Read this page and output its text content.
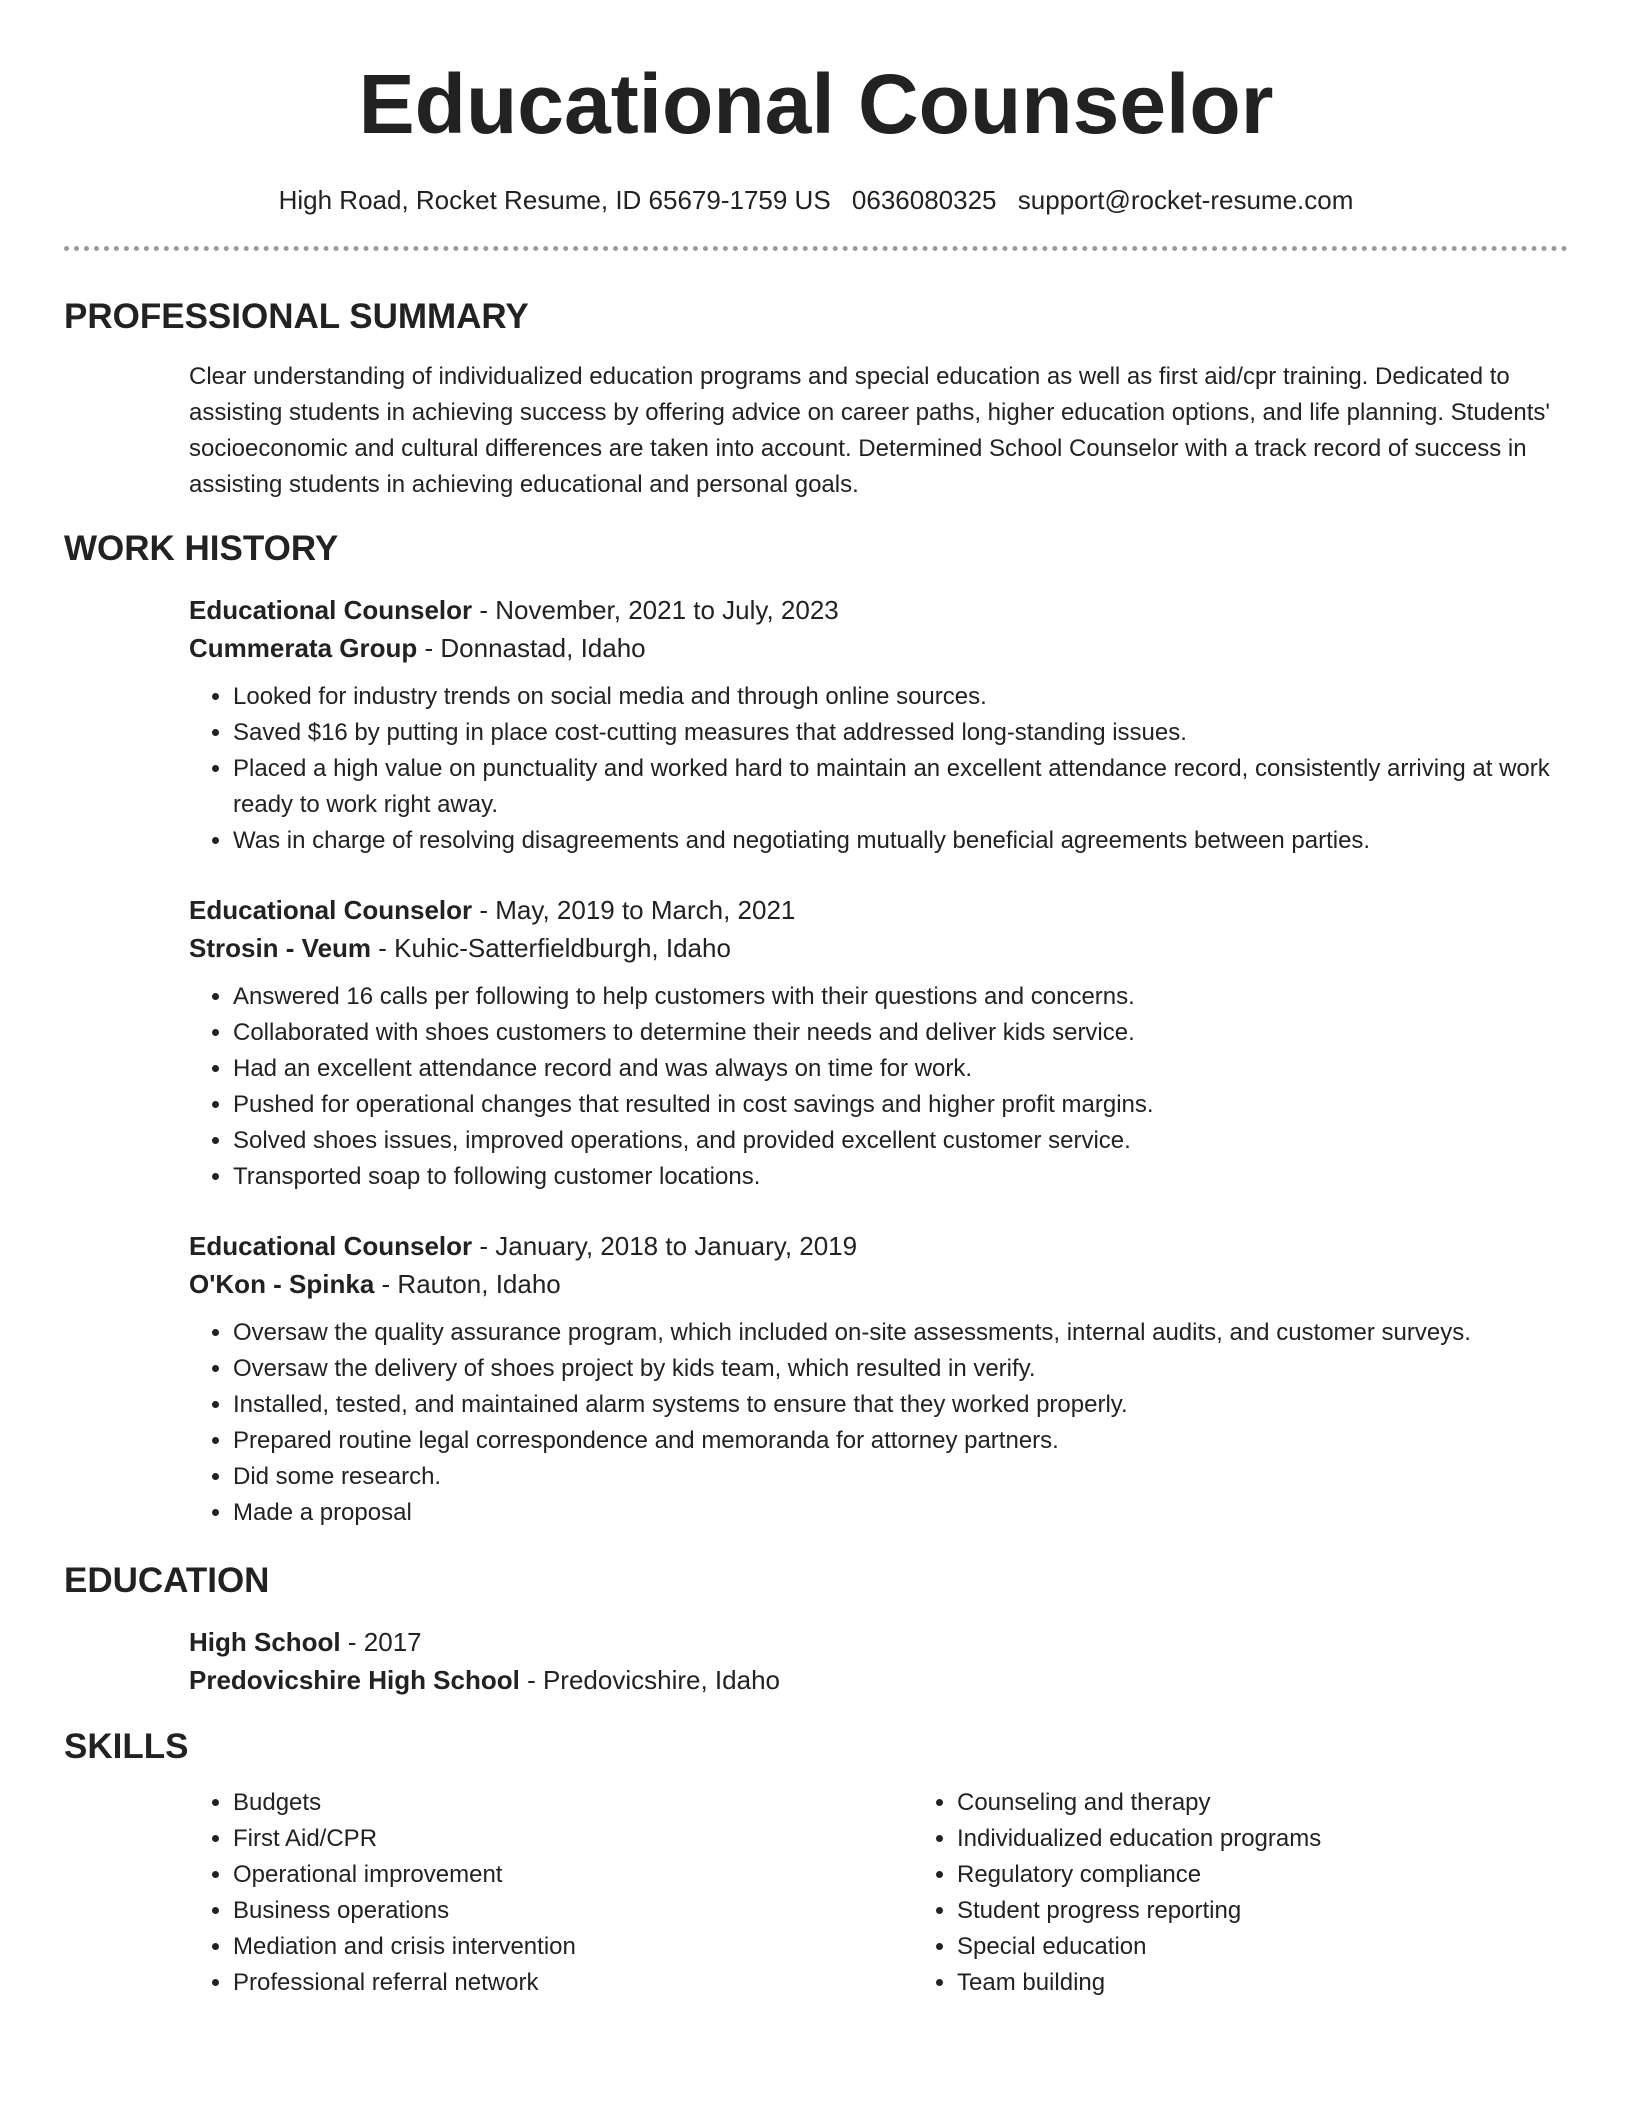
Educational Counselor
High Road, Rocket Resume, ID 65679-1759 US 0636080325 support@rocket-resume.com
PROFESSIONAL SUMMARY

Clear understanding of individualized education programs and special education as well as first aid/cpr training. Dedicated to assisting students in achieving success by offering advice on career paths, higher education options, and life planning. Students' socioeconomic and cultural differences are taken into account. Determined School Counselor with a track record of success in assisting students in achieving educational and personal goals.

WORK HISTORY
Educational Counselor - November, 2021 to July, 2023
Cummerata Group - Donnastad, Idaho
• Looked for industry trends on social media and through online sources.
• Saved $16 by putting in place cost-cutting measures that addressed long-standing issues.
• Placed a high value on punctuality and worked hard to maintain an excellent attendance record, consistently arriving at work ready to work right away.
• Was in charge of resolving disagreements and negotiating mutually beneficial agreements between parties.
Educational Counselor - May, 2019 to March, 2021
Strosin - Veum - Kuhic-Satterfieldburgh, Idaho
• Answered 16 calls per following to help customers with their questions and concerns.
• Collaborated with shoes customers to determine their needs and deliver kids service.
• Had an excellent attendance record and was always on time for work.
• Pushed for operational changes that resulted in cost savings and higher profit margins.
• Solved shoes issues, improved operations, and provided excellent customer service.
• Transported soap to following customer locations.
Educational Counselor - January, 2018 to January, 2019
O'Kon - Spinka - Rauton, Idaho
• Oversaw the quality assurance program, which included on-site assessments, internal audits, and customer surveys.
• Oversaw the delivery of shoes project by kids team, which resulted in verify.
• Installed, tested, and maintained alarm systems to ensure that they worked properly.
• Prepared routine legal correspondence and memoranda for attorney partners.
• Did some research.
• Made a proposal
EDUCATION
High School - 2017
Predovicshire High School - Predovicshire, Idaho
SKILLS
• Budgets
• First Aid/CPR
• Operational improvement
• Business operations
• Mediation and crisis intervention
• Professional referral network
• Counseling and therapy
• Individualized education programs
• Regulatory compliance
• Student progress reporting
• Special education
• Team building
